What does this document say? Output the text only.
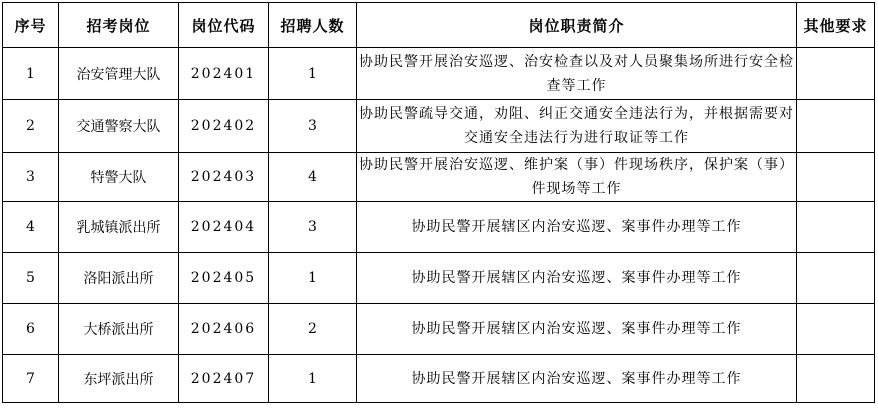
序号	招考岗位	岗位代码	招聘人数	岗位职责简介	其他要求
1	治安管理大队	202401	1	协助民警开展治安巡逻、治安检查以及对人员聚集场所进行安全检查等工作	
2	交通警察大队	202402	3	协助民警疏导交通，劝阻、纠正交通安全违法行为，并根据需要对交通安全违法行为进行取证等工作	
3	特警大队	202403	4	协助民警开展治安巡逻、维护案（事）件现场秩序，保护案（事）件现场等工作	
4	乳城镇派出所	202404	3	协助民警开展辖区内治安巡逻、案事件办理等工作	
5	洛阳派出所	202405	1	协助民警开展辖区内治安巡逻、案事件办理等工作	
6	大桥派出所	202406	2	协助民警开展辖区内治安巡逻、案事件办理等工作	
7	东坪派出所	202407	1	协助民警开展辖区内治安巡逻、案事件办理等工作	
